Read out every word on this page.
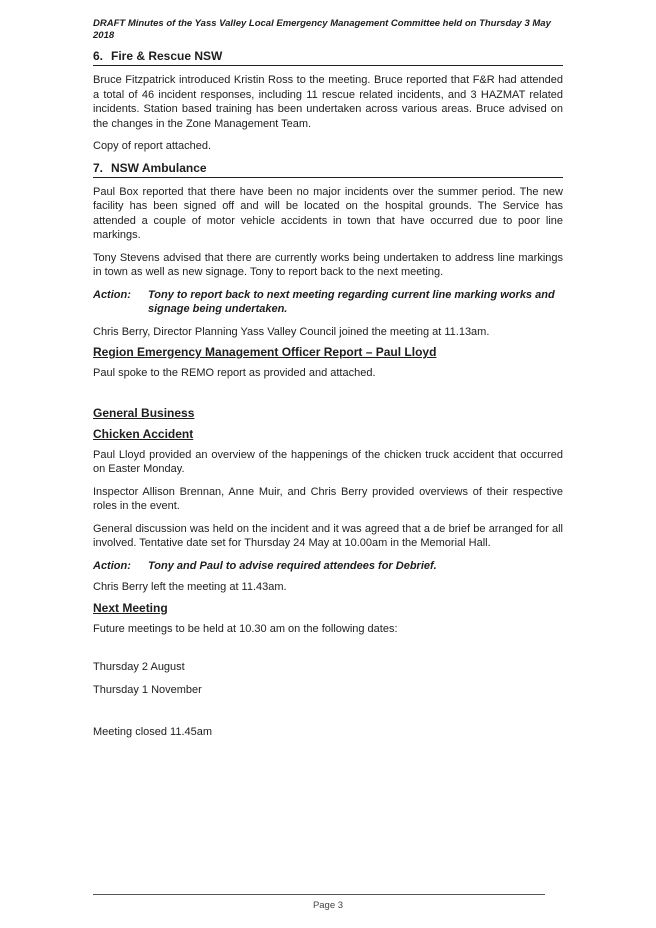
DRAFT Minutes of the Yass Valley Local Emergency Management Committee held on Thursday 3 May 2018
6. Fire & Rescue NSW

Bruce Fitzpatrick introduced Kristin Ross to the meeting. Bruce reported that F&R had attended a total of 46 incident responses, including 11 rescue related incidents, and 3 HAZMAT related incidents. Station based training has been undertaken across various areas. Bruce advised on the changes in the Zone Management Team.

Copy of report attached.

7. NSW Ambulance

Paul Box reported that there have been no major incidents over the summer period. The new facility has been signed off and will be located on the hospital grounds. The Service has attended a couple of motor vehicle accidents in town that have occurred due to poor line markings.

Tony Stevens advised that there are currently works being undertaken to address line markings in town as well as new signage. Tony to report back to the next meeting.

Action:	Tony to report back to next meeting regarding current line marking works and signage being undertaken.

Chris Berry, Director Planning Yass Valley Council joined the meeting at 11.13am.

Region Emergency Management Officer Report – Paul Lloyd

Paul spoke to the REMO report as provided and attached.

General Business
Chicken Accident

Paul Lloyd provided an overview of the happenings of the chicken truck accident that occurred on Easter Monday.

Inspector Allison Brennan, Anne Muir, and Chris Berry provided overviews of their respective roles in the event.

General discussion was held on the incident and it was agreed that a de brief be arranged for all involved. Tentative date set for Thursday 24 May at 10.00am in the Memorial Hall.

Action:	Tony and Paul to advise required attendees for Debrief.

Chris Berry left the meeting at 11.43am.

Next Meeting

Future meetings to be held at 10.30 am on the following dates:

Thursday 2 August

Thursday 1 November

Meeting closed 11.45am

Page 3
